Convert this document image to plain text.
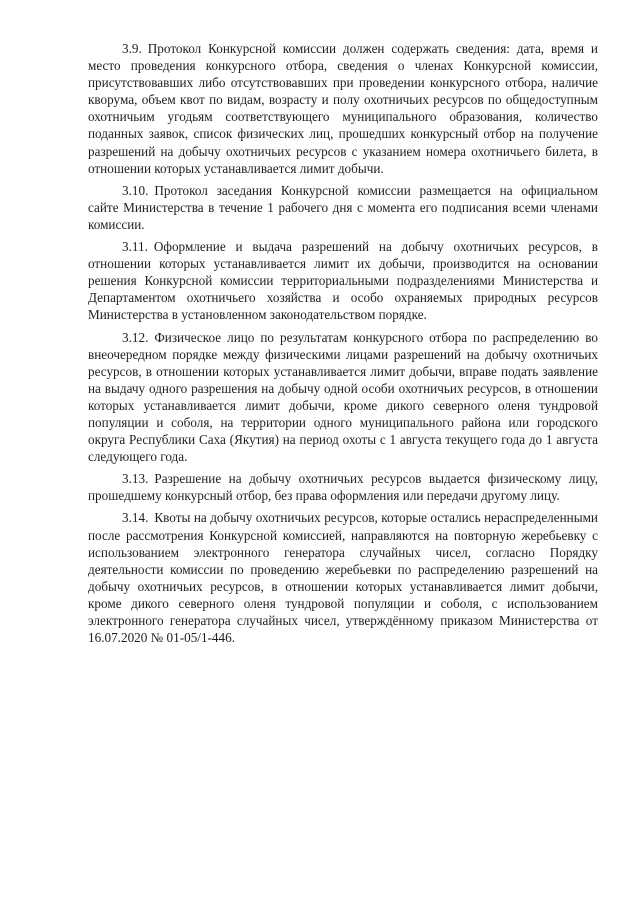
3.9. Протокол Конкурсной комиссии должен содержать сведения: дата, время и место проведения конкурсного отбора, сведения о членах Конкурсной комиссии, присутствовавших либо отсутствовавших при проведении конкурсного отбора, наличие кворума, объем квот по видам, возрасту и полу охотничьих ресурсов по общедоступным охотничьим угодьям соответствующего муниципального образования, количество поданных заявок, список физических лиц, прошедших конкурсный отбор на получение разрешений на добычу охотничьих ресурсов с указанием номера охотничьего билета, в отношении которых устанавливается лимит добычи.

3.10. Протокол заседания Конкурсной комиссии размещается на официальном сайте Министерства в течение 1 рабочего дня с момента его подписания всеми членами комиссии.

3.11. Оформление и выдача разрешений на добычу охотничьих ресурсов, в отношении которых устанавливается лимит их добычи, производится на основании решения Конкурсной комиссии территориальными подразделениями Министерства и Департаментом охотничьего хозяйства и особо охраняемых природных ресурсов Министерства в установленном законодательством порядке.

3.12. Физическое лицо по результатам конкурсного отбора по распределению во внеочередном порядке между физическими лицами разрешений на добычу охотничьих ресурсов, в отношении которых устанавливается лимит добычи, вправе подать заявление на выдачу одного разрешения на добычу одной особи охотничьих ресурсов, в отношении которых устанавливается лимит добычи, кроме дикого северного оленя тундровой популяции и соболя, на территории одного муниципального района или городского округа Республики Саха (Якутия) на период охоты с 1 августа текущего года до 1 августа следующего года.

3.13. Разрешение на добычу охотничьих ресурсов выдается физическому лицу, прошедшему конкурсный отбор, без права оформления или передачи другому лицу.

3.14. Квоты на добычу охотничьих ресурсов, которые остались нераспределенными после рассмотрения Конкурсной комиссией, направляются на повторную жеребьевку с использованием электронного генератора случайных чисел, согласно Порядку деятельности комиссии по проведению жеребьевки по распределению разрешений на добычу охотничьих ресурсов, в отношении которых устанавливается лимит добычи, кроме дикого северного оленя тундровой популяции и соболя, с использованием электронного генератора случайных чисел, утверждённому приказом Министерства от 16.07.2020 № 01-05/1-446.
